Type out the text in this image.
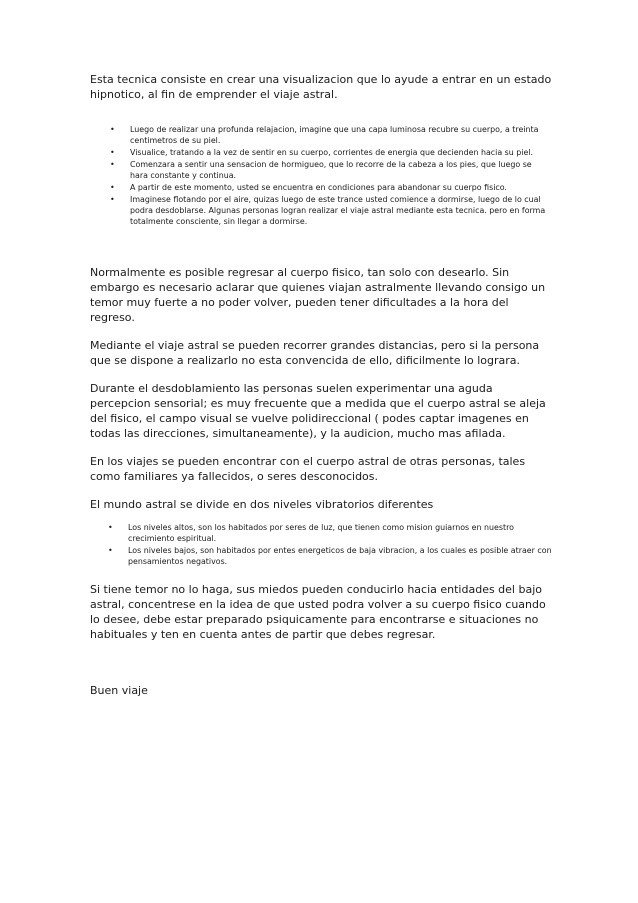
Esta tecnica consiste en crear una visualizacion que lo ayude a entrar en un estado hipnotico, al fin de emprender el viaje astral.

• Luego de realizar una profunda relajacion, imagine que una capa luminosa recubre su cuerpo, a treinta centimetros de su piel.
• Visualice, tratando a la vez de sentir en su cuerpo, corrientes de energia que decienden hacia su piel.
• Comenzara a sentir una sensacion de hormigueo, que lo recorre de la cabeza a los pies, que luego se hara constante y continua.
• A partir de este momento, usted se encuentra en condiciones para abandonar su cuerpo fisico.
• Imaginese flotando por el aire, quizas luego de este trance usted comience a dormirse, luego de lo cual podra desdoblarse. Algunas personas logran realizar el viaje astral mediante esta tecnica. pero en forma totalmente consciente, sin llegar a dormirse.

Normalmente es posible regresar al cuerpo fisico, tan solo con desearlo. Sin embargo es necesario aclarar que quienes viajan astralmente llevando consigo un temor muy fuerte a no poder volver, pueden tener dificultades a la hora del regreso.

Mediante el viaje astral se pueden recorrer grandes distancias, pero si la persona que se dispone a realizarlo no esta convencida de ello, dificilmente lo lograra.

Durante el desdoblamiento las personas suelen experimentar una aguda percepcion sensorial; es muy frecuente que a medida que el cuerpo astral se aleja del fisico, el campo visual se vuelve polidireccional ( podes captar imagenes en todas las direcciones, simultaneamente), y la audicion, mucho mas afilada.

En los viajes se pueden encontrar con el cuerpo astral de otras personas, tales como familiares ya fallecidos, o seres desconocidos.

El mundo astral se divide en dos niveles vibratorios diferentes

• Los niveles altos, son los habitados por seres de luz, que tienen como mision guiarnos en nuestro crecimiento espiritual.
• Los niveles bajos, son habitados por entes energeticos de baja vibracion, a los cuales es posible atraer con pensamientos negativos.

Si tiene temor no lo haga, sus miedos pueden conducirlo hacia entidades del bajo astral, concentrese en la idea de que usted podra volver a su cuerpo fisico cuando lo desee, debe estar preparado psiquicamente para encontrarse e situaciones no habituales y ten en cuenta antes de partir que debes regresar.

Buen viaje
